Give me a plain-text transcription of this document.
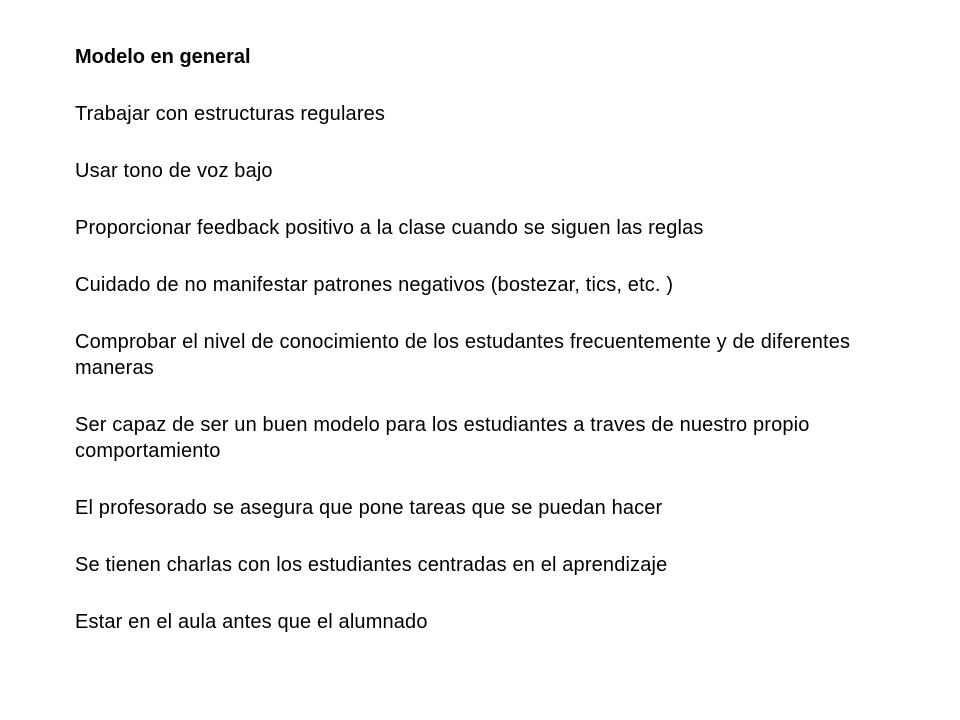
Modelo en general
Trabajar con estructuras regulares
Usar tono de voz bajo
Proporcionar feedback positivo a la clase cuando se siguen las reglas
Cuidado de no manifestar patrones negativos (bostezar, tics, etc. )
Comprobar el nivel de conocimiento de los estudantes frecuentemente y de diferentes maneras
Ser capaz de ser un buen modelo para los estudiantes a traves de nuestro propio comportamiento
El profesorado se asegura que pone tareas que se puedan hacer
Se tienen charlas con los estudiantes centradas en el aprendizaje
Estar en el aula antes que el alumnado
